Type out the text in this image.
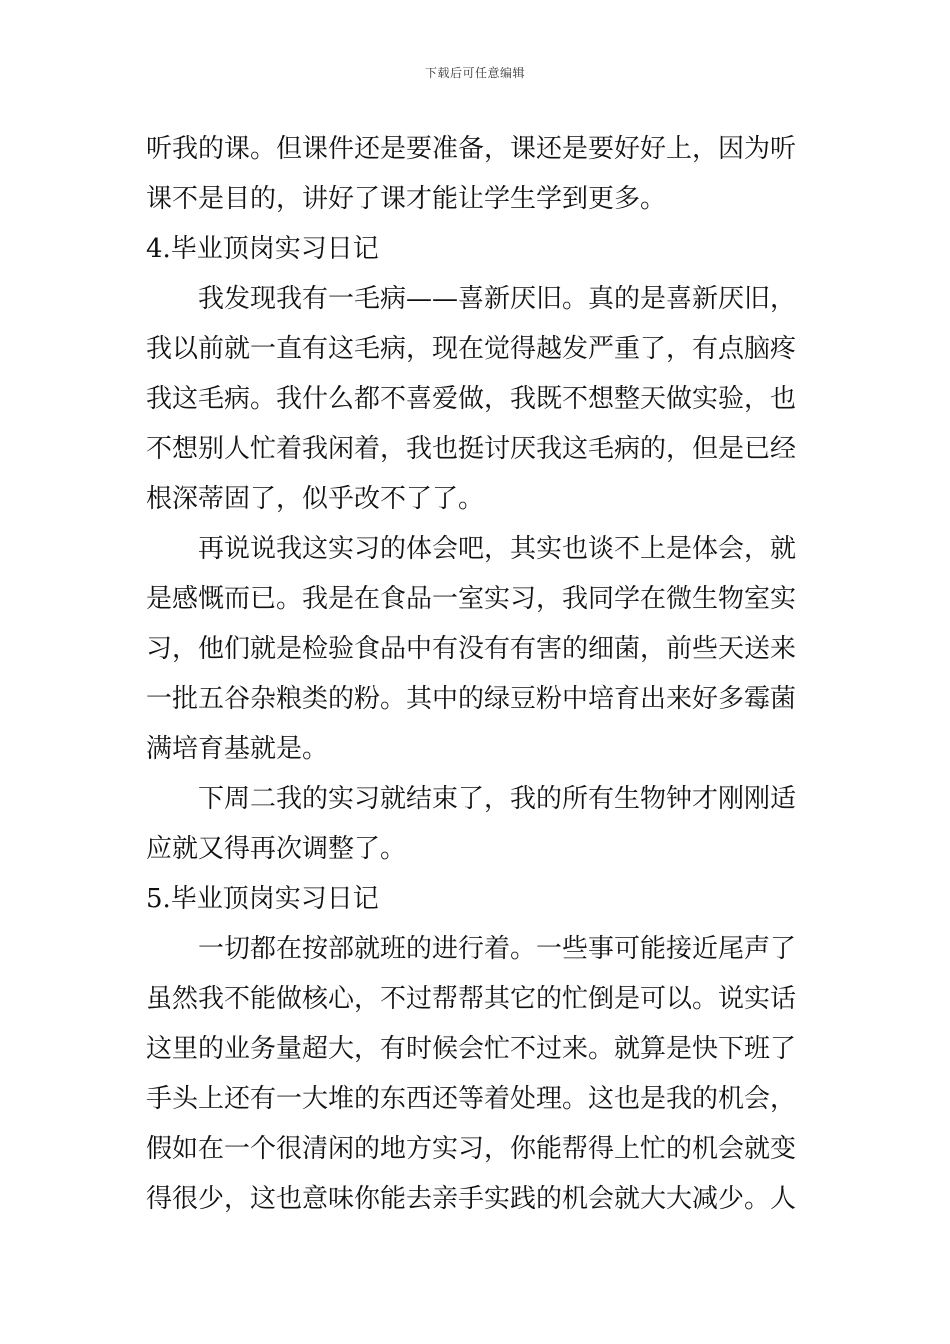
下载后可任意编辑
听我的课。但课件还是要准备，课还是要好好上，因为听
课不是目的，讲好了课才能让学生学到更多。
4.毕业顶岗实习日记
我发现我有一毛病——喜新厌旧。真的是喜新厌旧，
我以前就一直有这毛病，现在觉得越发严重了，有点脑疼
我这毛病。我什么都不喜爱做，我既不想整天做实验，也
不想别人忙着我闲着，我也挺讨厌我这毛病的，但是已经
根深蒂固了，似乎改不了了。
再说说我这实习的体会吧，其实也谈不上是体会，就
是感慨而已。我是在食品一室实习，我同学在微生物室实
习，他们就是检验食品中有没有有害的细菌，前些天送来
一批五谷杂粮类的粉。其中的绿豆粉中培育出来好多霉菌
满培育基就是。
下周二我的实习就结束了，我的所有生物钟才刚刚适
应就又得再次调整了。
5.毕业顶岗实习日记
一切都在按部就班的进行着。一些事可能接近尾声了
虽然我不能做核心，不过帮帮其它的忙倒是可以。说实话
这里的业务量超大，有时候会忙不过来。就算是快下班了
手头上还有一大堆的东西还等着处理。这也是我的机会，
假如在一个很清闲的地方实习，你能帮得上忙的机会就变
得很少，这也意味你能去亲手实践的机会就大大减少。人
